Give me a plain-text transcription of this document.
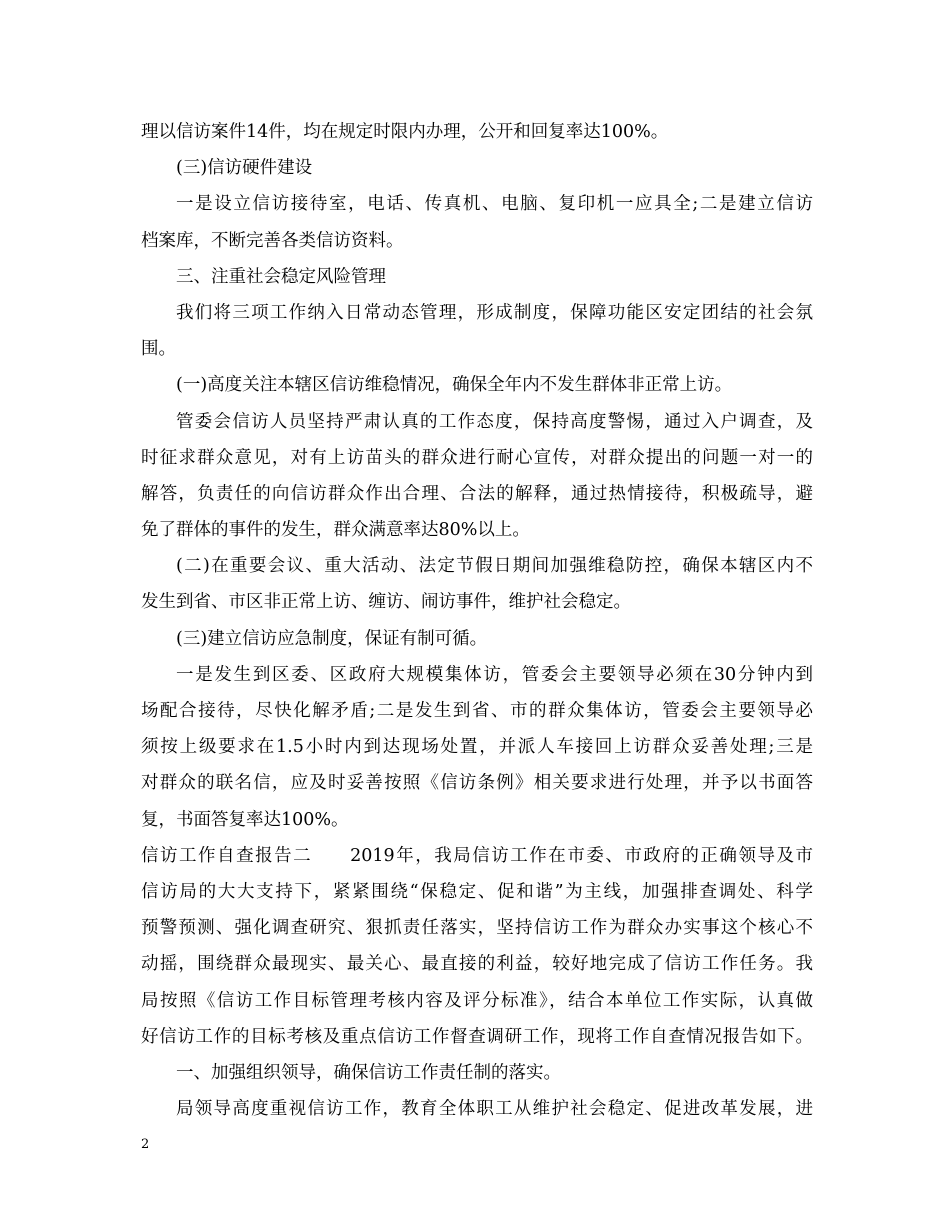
理以信访案件14件，均在规定时限内办理，公开和回复率达100%。
(三)信访硬件建设
一是设立信访接待室，电话、传真机、电脑、复印机一应具全;二是建立信访
档案库，不断完善各类信访资料。
三、注重社会稳定风险管理
我们将三项工作纳入日常动态管理，形成制度，保障功能区安定团结的社会氛
围。
(一)高度关注本辖区信访维稳情况，确保全年内不发生群体非正常上访。
管委会信访人员坚持严肃认真的工作态度，保持高度警惕，通过入户调查，及
时征求群众意见，对有上访苗头的群众进行耐心宣传，对群众提出的问题一对一的
解答，负责任的向信访群众作出合理、合法的解释，通过热情接待，积极疏导，避
免了群体的事件的发生，群众满意率达80%以上。
(二)在重要会议、重大活动、法定节假日期间加强维稳防控，确保本辖区内不
发生到省、市区非正常上访、缠访、闹访事件，维护社会稳定。
(三)建立信访应急制度，保证有制可循。
一是发生到区委、区政府大规模集体访，管委会主要领导必须在30分钟内到
场配合接待，尽快化解矛盾;二是发生到省、市的群众集体访，管委会主要领导必
须按上级要求在1.5小时内到达现场处置，并派人车接回上访群众妥善处理;三是
对群众的联名信，应及时妥善按照《信访条例》相关要求进行处理，并予以书面答
复，书面答复率达100%。
信访工作自查报告二　　2019年，我局信访工作在市委、市政府的正确领导及市
信访局的大大支持下，紧紧围绕“保稳定、促和谐”为主线，加强排查调处、科学
预警预测、强化调查研究、狠抓责任落实，坚持信访工作为群众办实事这个核心不
动摇，围绕群众最现实、最关心、最直接的利益，较好地完成了信访工作任务。我
局按照《信访工作目标管理考核内容及评分标准》，结合本单位工作实际，认真做
好信访工作的目标考核及重点信访工作督查调研工作，现将工作自查情况报告如下。
一、加强组织领导，确保信访工作责任制的落实。
局领导高度重视信访工作，教育全体职工从维护社会稳定、促进改革发展，进
2
